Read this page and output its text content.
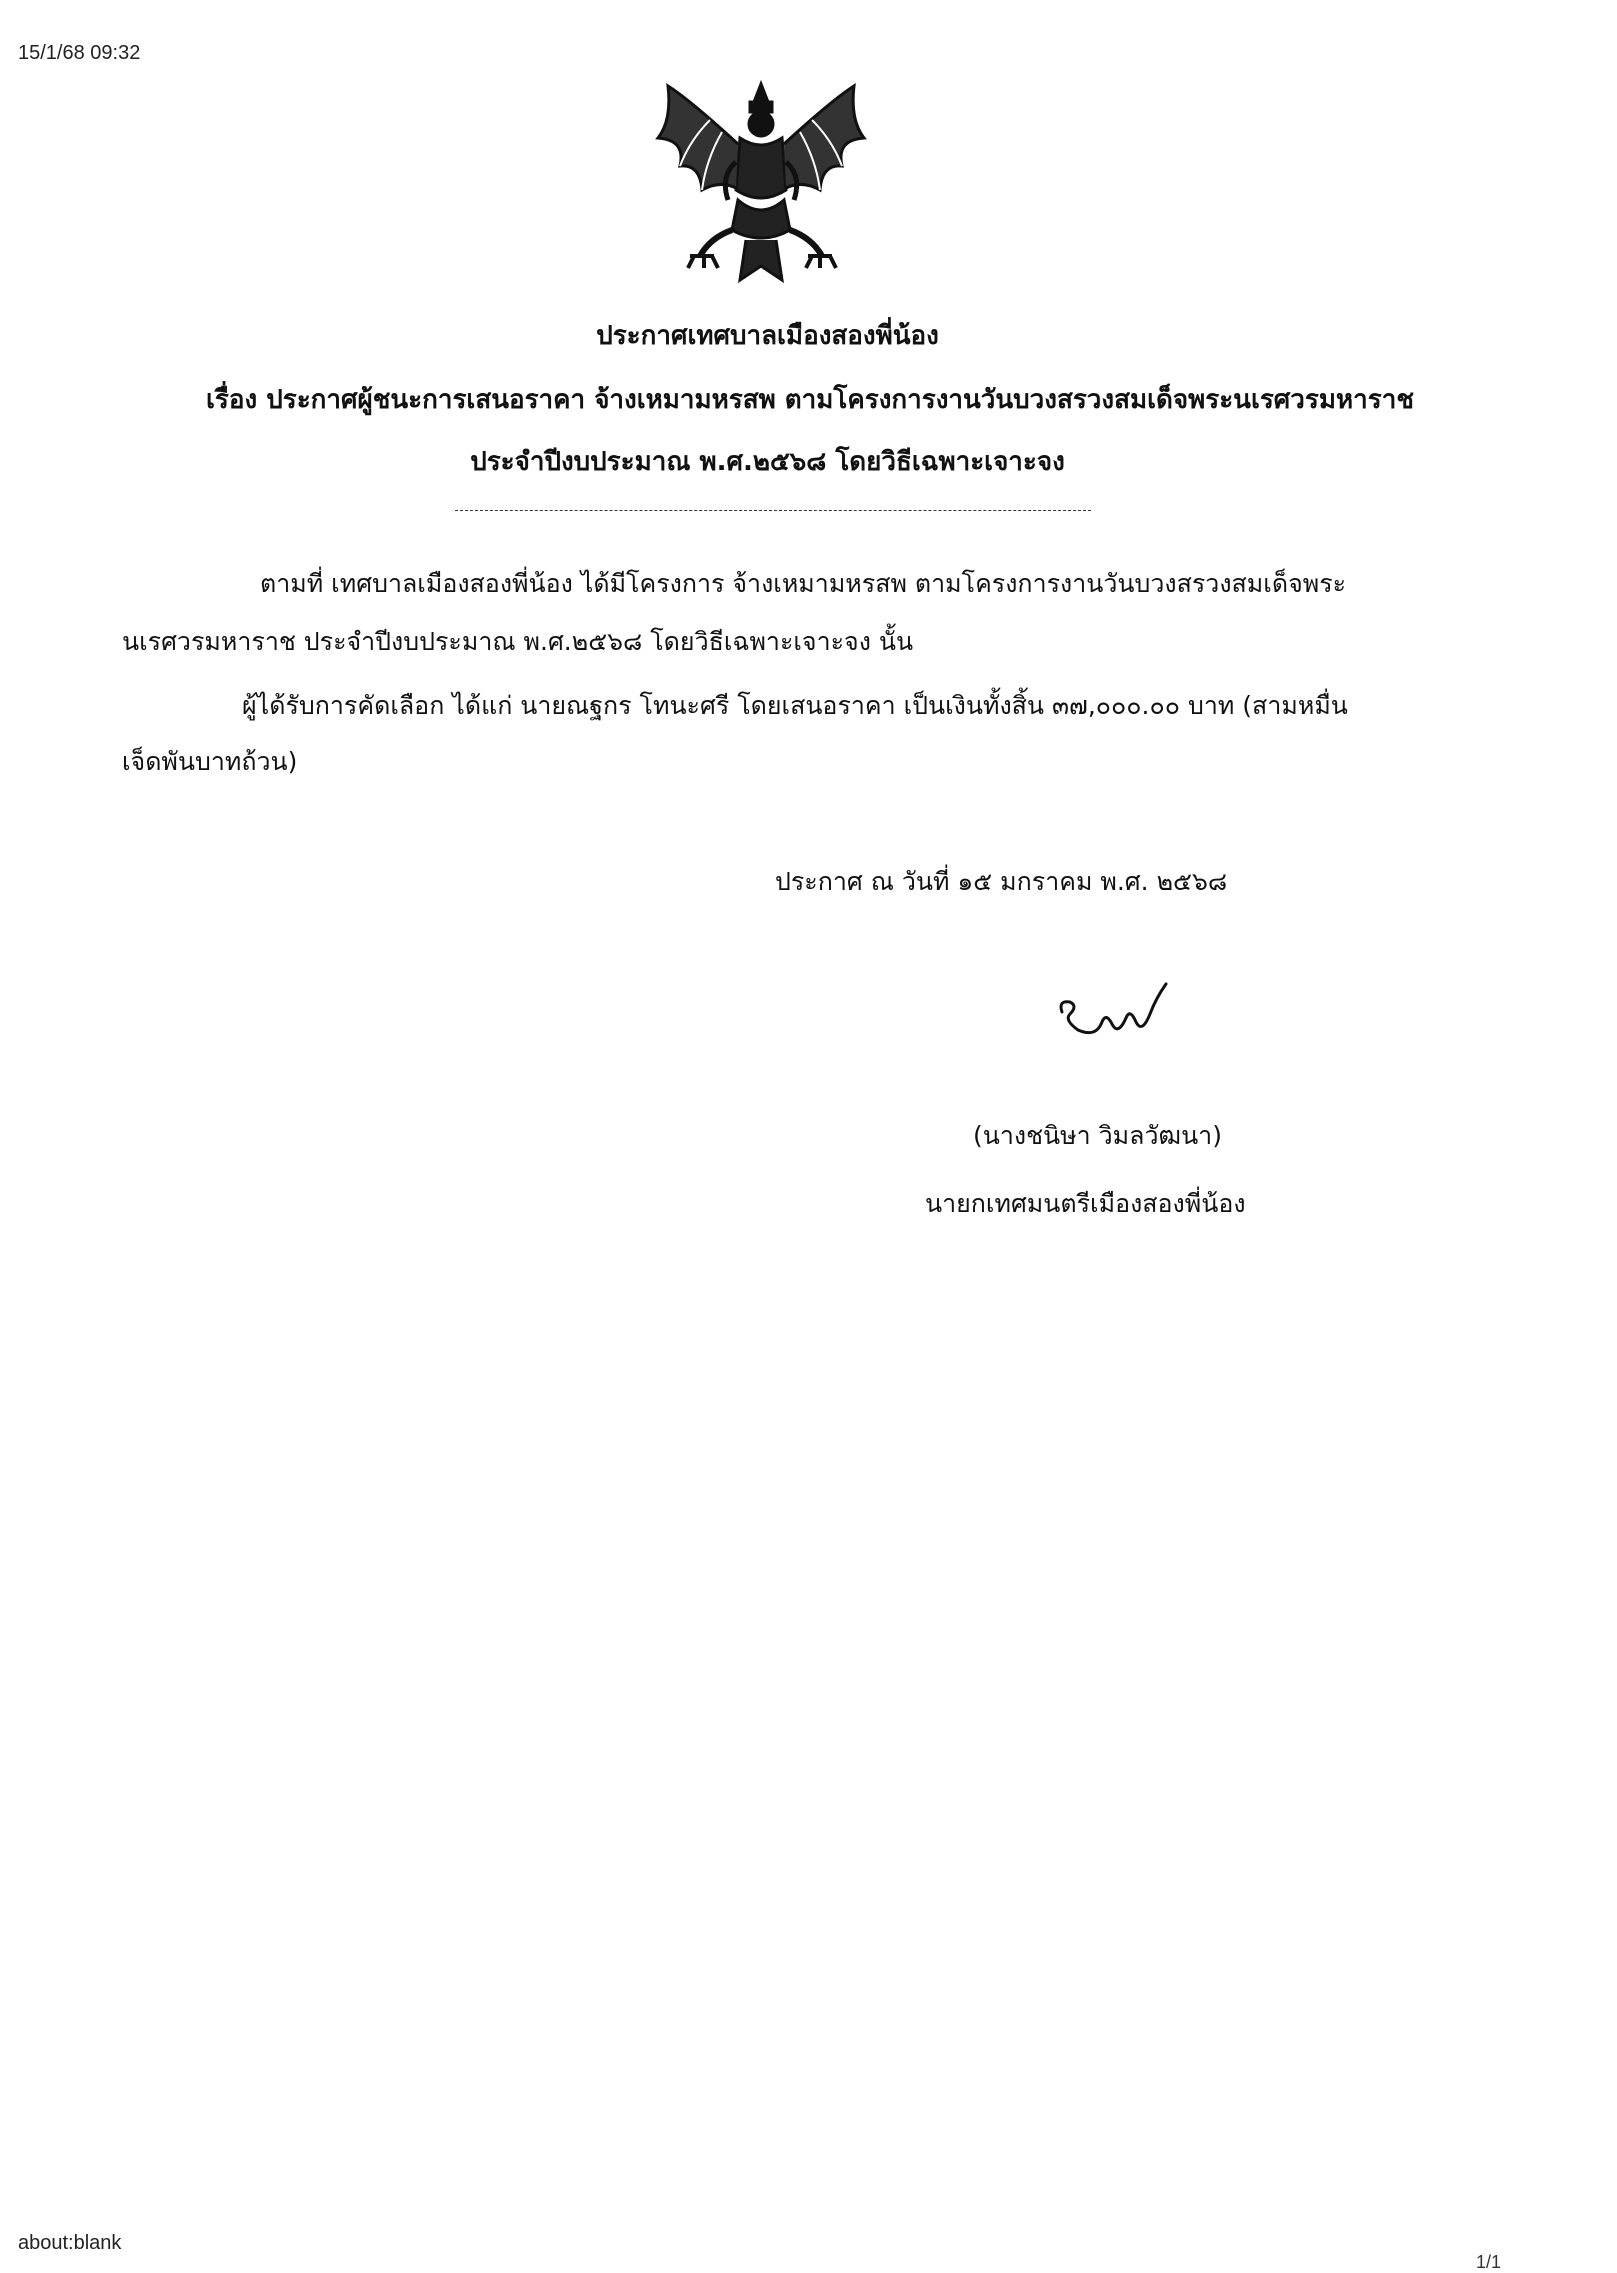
15/1/68 09:32
ประกาศเทศบาลเมืองสองพี่น้อง
เรื่อง ประกาศผู้ชนะการเสนอราคา จ้างเหมามหรสพ ตามโครงการงานวันบวงสรวงสมเด็จพระนเรศวรมหาราช
ประจำปีงบประมาณ พ.ศ.๒๕๖๘ โดยวิธีเฉพาะเจาะจง
ตามที่ เทศบาลเมืองสองพี่น้อง ได้มีโครงการ จ้างเหมามหรสพ ตามโครงการงานวันบวงสรวงสมเด็จพระ
นเรศวรมหาราช ประจำปีงบประมาณ พ.ศ.๒๕๖๘ โดยวิธีเฉพาะเจาะจง นั้น
ผู้ได้รับการคัดเลือก ได้แก่ นายณฐกร โทนะศรี โดยเสนอราคา เป็นเงินทั้งสิ้น ๓๗,๐๐๐.๐๐ บาท (สามหมื่น
เจ็ดพันบาทถ้วน)
ประกาศ ณ วันที่ ๑๕ มกราคม พ.ศ. ๒๕๖๘
(นางชนิษา วิมลวัฒนา)
นายกเทศมนตรีเมืองสองพี่น้อง
about:blank
1/1
